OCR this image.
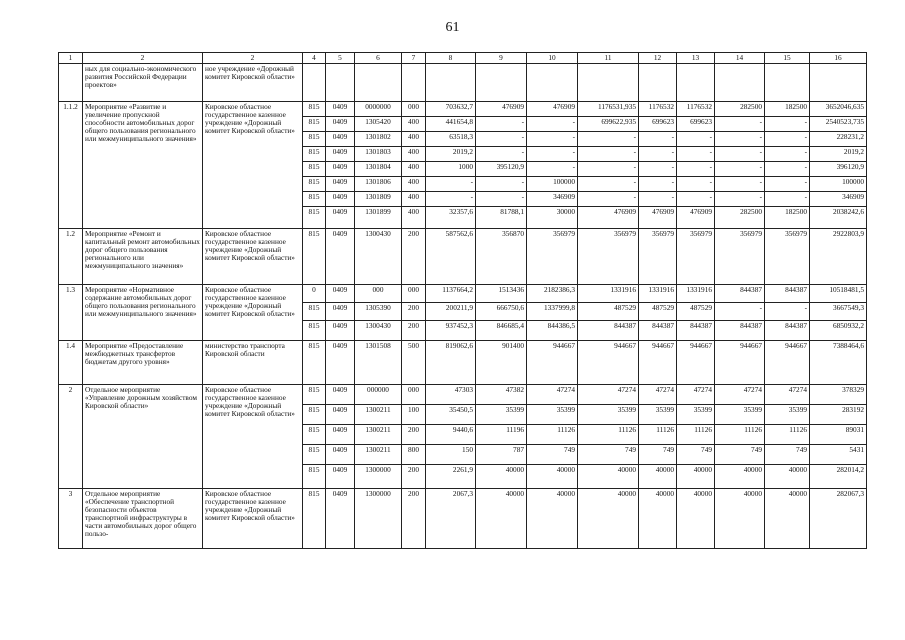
61
1	2	2	4	5	6	7	8	9	10	11	12	13	14	15	16
	ных для социально-экономического развития Российской Федерации проектов»	ное учреждение «Дорожный комитет Кировской области»													
1.1.2	Мероприятие «Развитие и увеличение пропускной способности автомобильных дорог общего пользования регионального или межмуниципального значения»	Кировское областное государственное казенное учреждение «Дорожный комитет Кировской области»	815	0409	0000000	000	703632,7	476909	476909	1176531,935	1176532	1176532	282500	182500	3652046,635
			815	0409	1305420	400	441654,8	-	-	699622,935	699623	699623	-	-	2540523,735
			815	0409	1301802	400	63518,3	-	-	-	-	-	-	-	228231,2
			815	0409	1301803	400	2019,2	-	-	-	-	-	-	-	2019,2
			815	0409	1301804	400	1000	395120,9	-	-	-	-	-	-	396120,9
			815	0409	1301806	400	-	-	100000	-	-	-	-	-	100000
			815	0409	1301809	400	-	-	346909	-	-	-	-	-	346909
			815	0409	1301899	400	32357,6	81788,1	30000	476909	476909	476909	282500	182500	2038242,6
1.2	Мероприятие «Ремонт и капитальный ремонт автомобильных дорог общего пользования регионального или межмуниципального значения»	Кировское областное государственное казенное учреждение «Дорожный комитет Кировской области»	815	0409	1300430	200	587562,6	356870	356979	356979	356979	356979	356979	356979	2922803,9
1.3	Мероприятие «Нормативное содержание автомобильных дорог общего пользования регионального или межмуниципального значения»	Кировское областное государственное казенное учреждение «Дорожный комитет Кировской области»	0	0409	000	000	1137664,2	1513436	2182386,3	1331916	1331916	1331916	844387	844387	10518481,5
			815	0409	1305390	200	200211,9	666750,6	1337999,8	487529	487529	487529	-	-	3667549,3
			815	0409	1300430	200	937452,3	846685,4	844386,5	844387	844387	844387	844387	844387	6850932,2
1.4	Мероприятие «Предоставление межбюджетных трансфертов бюджетам другого уровня»	министерство транспорта Кировской области	815	0409	1301508	500	819062,6	901400	944667	944667	944667	944667	944667	944667	7388464,6
2	Отдельное мероприятие «Управление дорожным хозяйством Кировской области»	Кировское областное государственное казенное учреждение «Дорожный комитет Кировской области»	815	0409	000000	000	47303	47382	47274	47274	47274	47274	47274	47274	378329
			815	0409	1300211	100	35450,5	35399	35399	35399	35399	35399	35399	35399	283192
			815	0409	1300211	200	9440,6	11196	11126	11126	11126	11126	11126	11126	89031
			815	0409	1300211	800	150	787	749	749	749	749	749	749	5431
			815	0409	1300000	200	2261,9	40000	40000	40000	40000	40000	40000	40000	282014,2
3	Отдельное мероприятие «Обеспечение транспортной безопасности объектов транспортной инфраструктуры в части автомобильных дорог общего пользо-	Кировское областное государственное казенное учреждение «Дорожный комитет Кировской области»	815	0409	1300000	200	2067,3	40000	40000	40000	40000	40000	40000	40000	282067,3
